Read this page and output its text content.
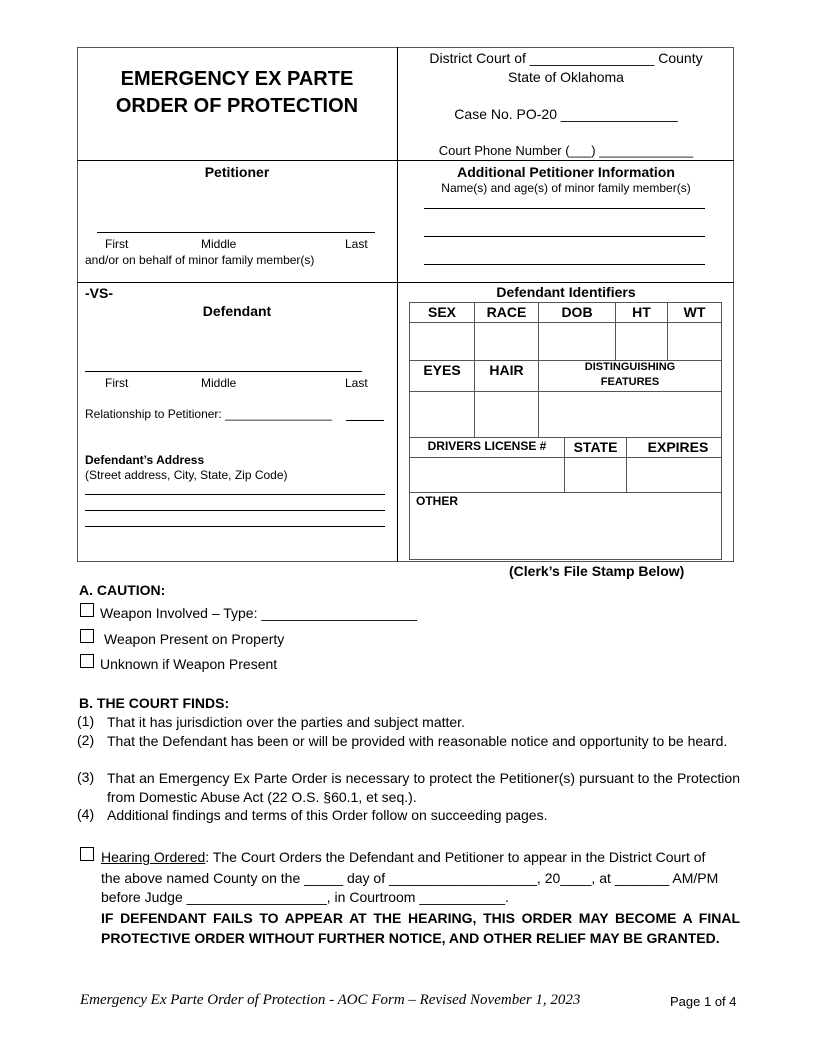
EMERGENCY EX PARTE
ORDER OF PROTECTION
District Court of ________________ County
State of Oklahoma
Case No. PO-20 _______________
Court Phone Number (___) _____________
Petitioner
First	Middle	Last
and/or on behalf of minor family member(s)
Additional Petitioner Information
Name(s) and age(s) of minor family member(s)
-VS-
Defendant
First	Middle	Last
Relationship to Petitioner: ________________
Defendant’s Address
(Street address, City, State, Zip Code)
Defendant Identifiers
SEX	RACE	DOB	HT	WT
EYES	HAIR	DISTINGUISHING
FEATURES
DRIVERS LICENSE #	STATE	EXPIRES
OTHER
(Clerk’s File Stamp Below)
A. CAUTION:
Weapon Involved – Type: ____________________
Weapon Present on Property
Unknown if Weapon Present
B. THE COURT FINDS:
(1) That it has jurisdiction over the parties and subject matter.
(2) That the Defendant has been or will be provided with reasonable notice and opportunity to be heard.
(3) That an Emergency Ex Parte Order is necessary to protect the Petitioner(s) pursuant to the Protection from Domestic Abuse Act (22 O.S. §60.1, et seq.).
(4) Additional findings and terms of this Order follow on succeeding pages.
Hearing Ordered: The Court Orders the Defendant and Petitioner to appear in the District Court of
the above named County on the _____ day of ___________________, 20____, at _______ AM/PM
before Judge __________________, in Courtroom ___________.
IF DEFENDANT FAILS TO APPEAR AT THE HEARING, THIS ORDER MAY BECOME A FINAL PROTECTIVE ORDER WITHOUT FURTHER NOTICE, AND OTHER RELIEF MAY BE GRANTED.
Emergency Ex Parte Order of Protection - AOC Form – Revised November 1, 2023	Page 1 of 4
